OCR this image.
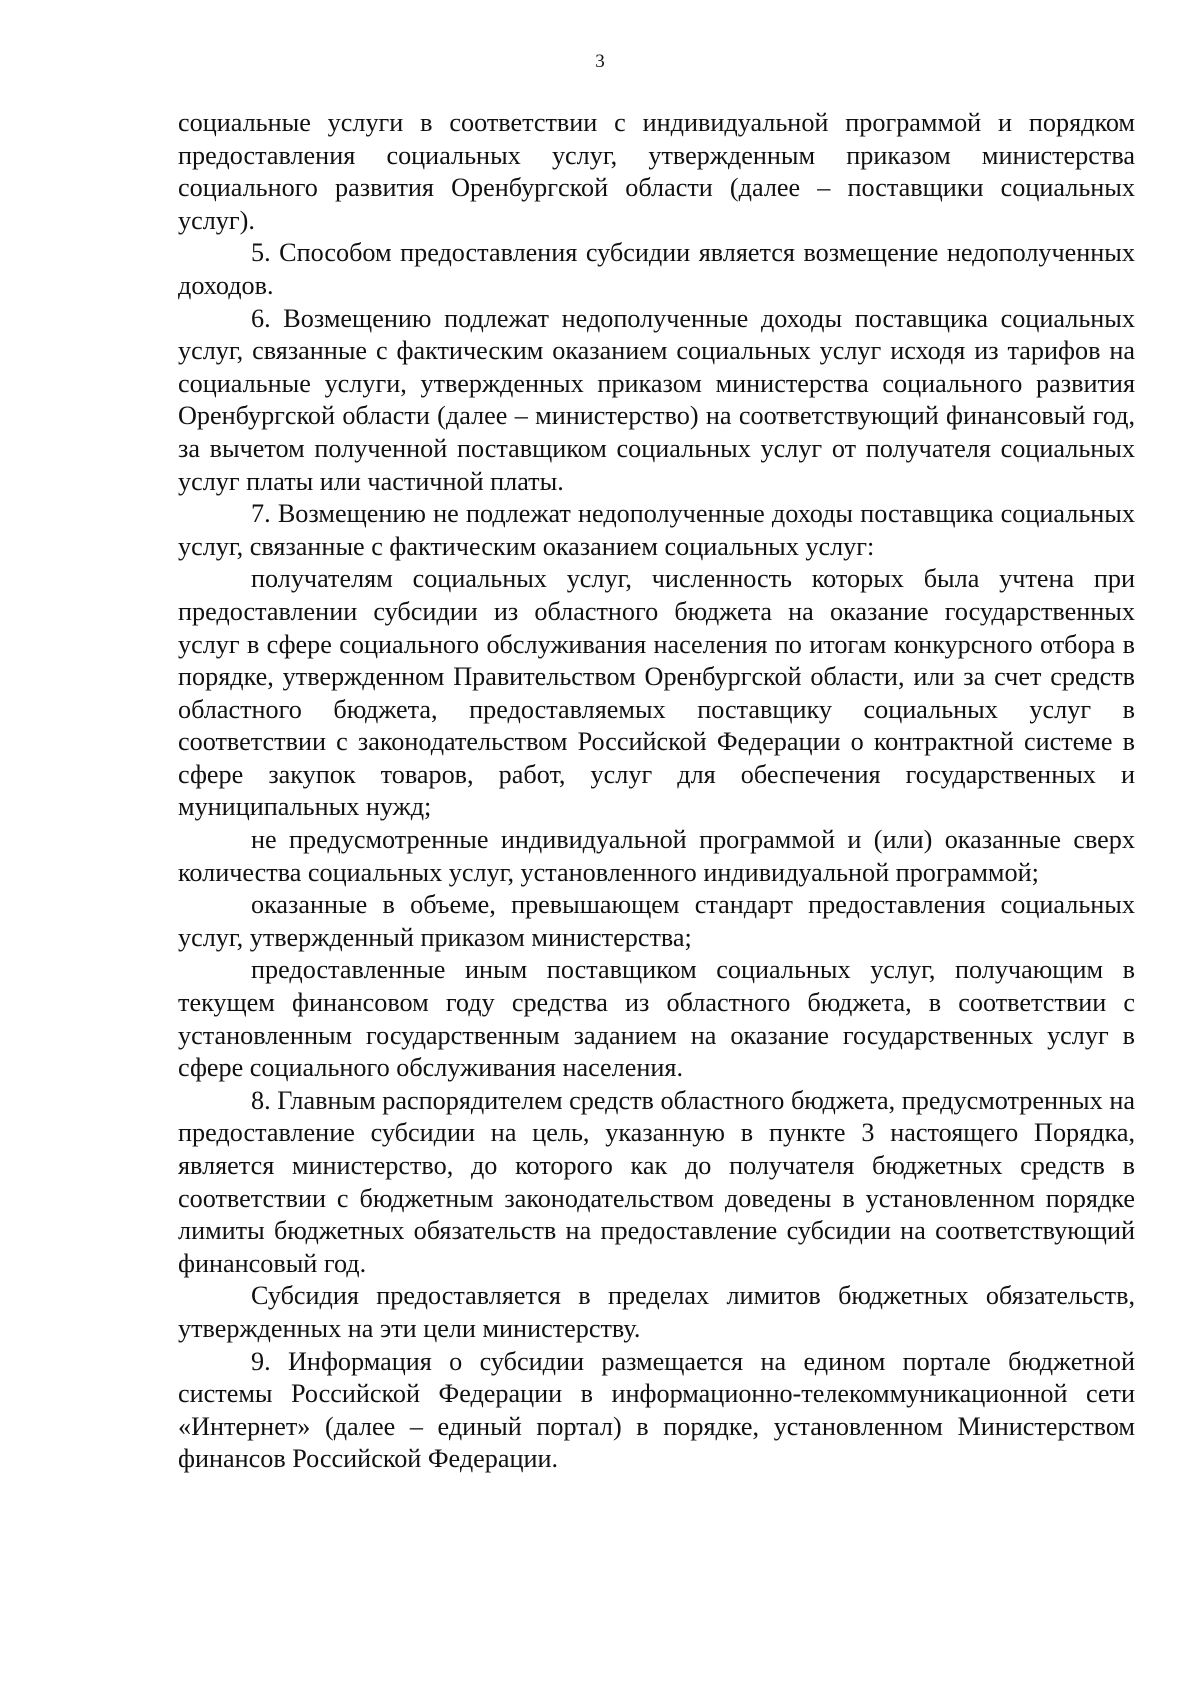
3

социальные услуги в соответствии с индивидуальной программой и порядком предоставления социальных услуг, утвержденным приказом министерства социального развития Оренбургской области (далее – поставщики социальных услуг).

5. Способом предоставления субсидии является возмещение недополученных доходов.

6. Возмещению подлежат недополученные доходы поставщика социальных услуг, связанные с фактическим оказанием социальных услуг исходя из тарифов на социальные услуги, утвержденных приказом министерства социального развития Оренбургской области (далее – министерство) на соответствующий финансовый год, за вычетом полученной поставщиком социальных услуг от получателя социальных услуг платы или частичной платы.

7. Возмещению не подлежат недополученные доходы поставщика социальных услуг, связанные с фактическим оказанием социальных услуг:

получателям социальных услуг, численность которых была учтена при предоставлении субсидии из областного бюджета на оказание государственных услуг в сфере социального обслуживания населения по итогам конкурсного отбора в порядке, утвержденном Правительством Оренбургской области, или за счет средств областного бюджета, предоставляемых поставщику социальных услуг в соответствии с законодательством Российской Федерации о контрактной системе в сфере закупок товаров, работ, услуг для обеспечения государственных и муниципальных нужд;

не предусмотренные индивидуальной программой и (или) оказанные сверх количества социальных услуг, установленного индивидуальной программой;

оказанные в объеме, превышающем стандарт предоставления социальных услуг, утвержденный приказом министерства;

предоставленные иным поставщиком социальных услуг, получающим в текущем финансовом году средства из областного бюджета, в соответствии с установленным государственным заданием на оказание государственных услуг в сфере социального обслуживания населения.

8. Главным распорядителем средств областного бюджета, предусмотренных на предоставление субсидии на цель, указанную в пункте 3 настоящего Порядка, является министерство, до которого как до получателя бюджетных средств в соответствии с бюджетным законодательством доведены в установленном порядке лимиты бюджетных обязательств на предоставление субсидии на соответствующий финансовый год.

Субсидия предоставляется в пределах лимитов бюджетных обязательств, утвержденных на эти цели министерству.

9. Информация о субсидии размещается на едином портале бюджетной системы Российской Федерации в информационно-телекоммуникационной сети «Интернет» (далее – единый портал) в порядке, установленном Министерством финансов Российской Федерации.
